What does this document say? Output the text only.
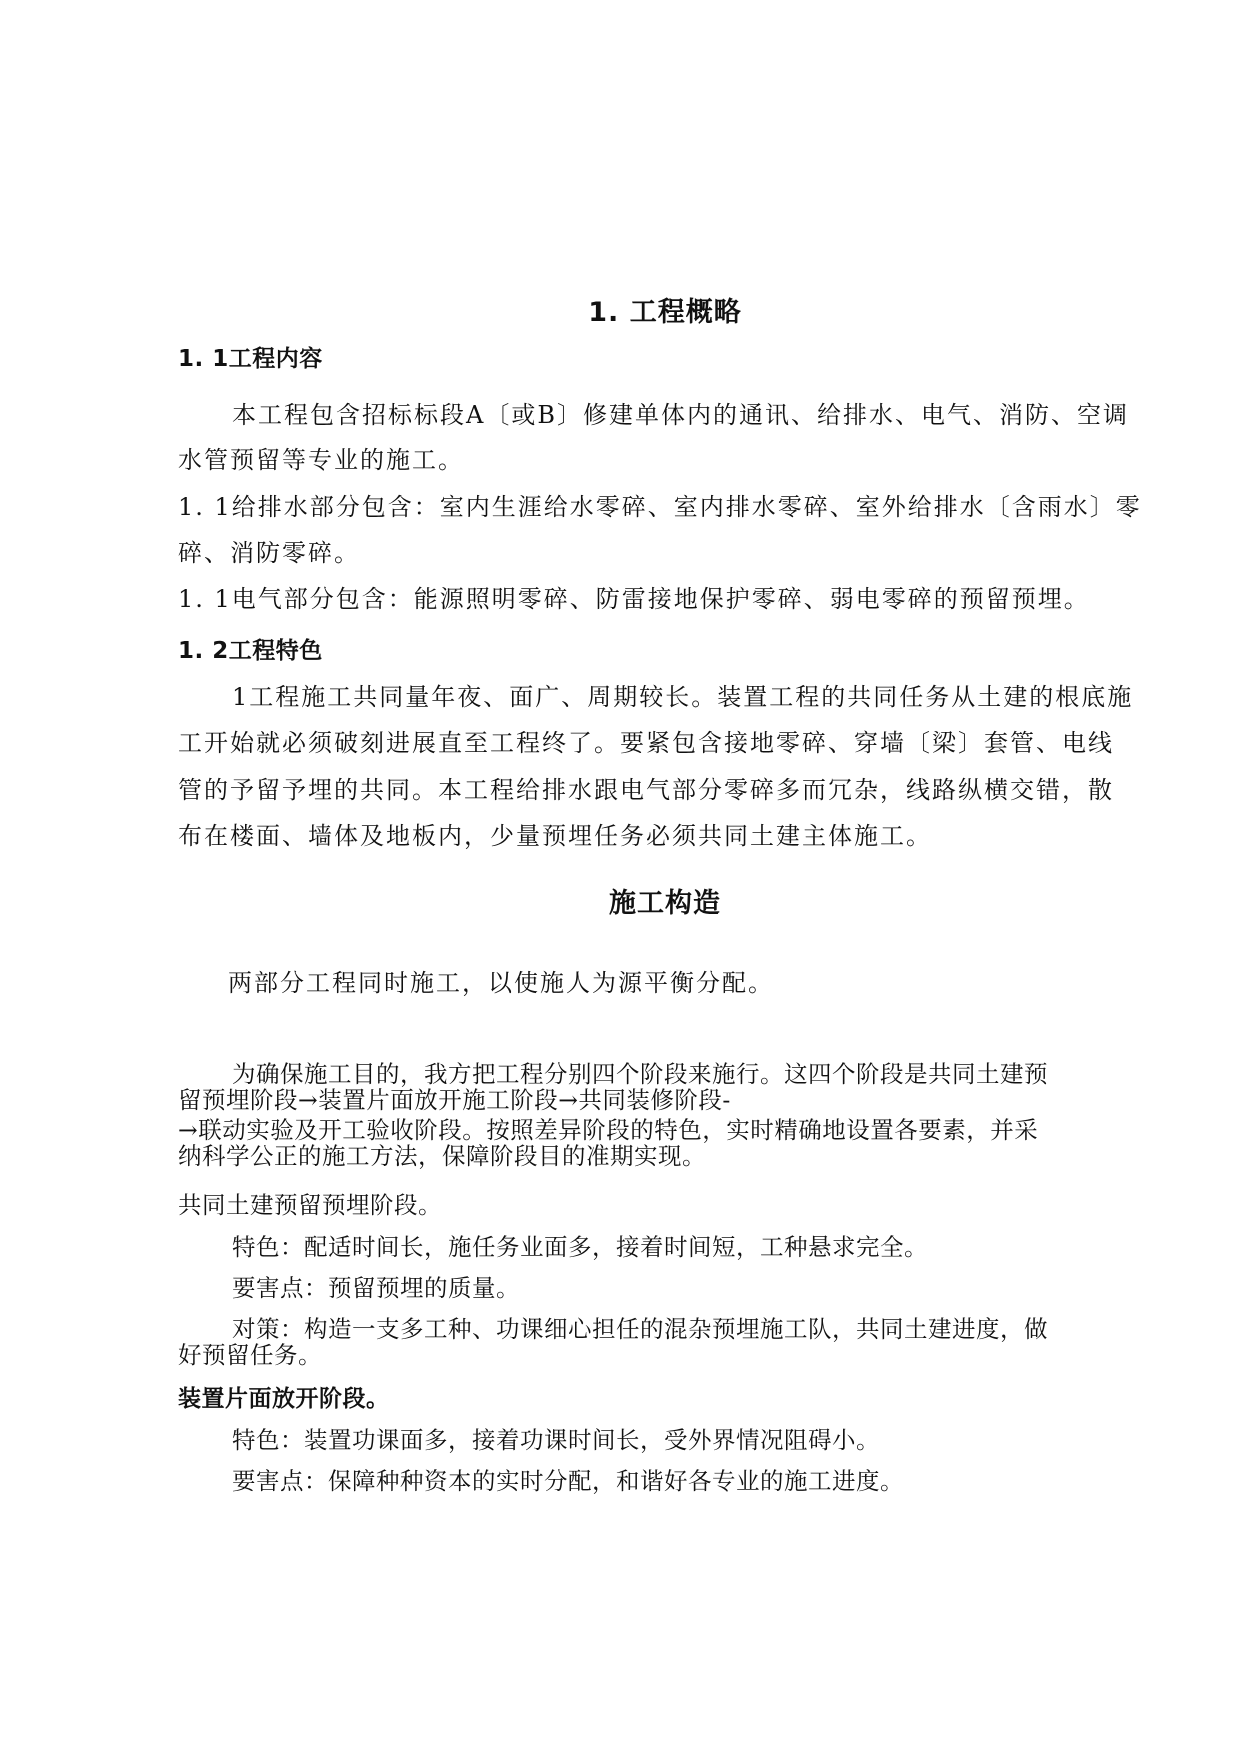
1. 工程概略
1. 1工程内容
本工程包含招标标段A〔或B〕修建单体内的通讯、给排水、电气、消防、空调
水管预留等专业的施工。
1. 1给排水部分包含：室内生涯给水零碎、室内排水零碎、室外给排水〔含雨水〕零
碎、消防零碎。
1. 1电气部分包含：能源照明零碎、防雷接地保护零碎、弱电零碎的预留预埋。
1. 2工程特色
1工程施工共同量年夜、面广、周期较长。装置工程的共同任务从土建的根底施
工开始就必须破刻进展直至工程终了。要紧包含接地零碎、穿墙〔梁〕套管、电线
管的予留予埋的共同。本工程给排水跟电气部分零碎多而冗杂，线路纵横交错，散
布在楼面、墙体及地板内，少量预埋任务必须共同土建主体施工。
施工构造
两部分工程同时施工，以使施人为源平衡分配。
为确保施工目的，我方把工程分别四个阶段来施行。这四个阶段是共同土建预
留预埋阶段→装置片面放开施工阶段→共同装修阶段-
→联动实验及开工验收阶段。按照差异阶段的特色，实时精确地设置各要素，并采
纳科学公正的施工方法，保障阶段目的准期实现。
共同土建预留预埋阶段。
特色：配适时间长，施任务业面多，接着时间短，工种悬求完全。
要害点：预留预埋的质量。
对策：构造一支多工种、功课细心担任的混杂预埋施工队，共同土建进度，做
好预留任务。
装置片面放开阶段。
特色：装置功课面多，接着功课时间长，受外界情况阻碍小。
要害点：保障种种资本的实时分配，和谐好各专业的施工进度。
